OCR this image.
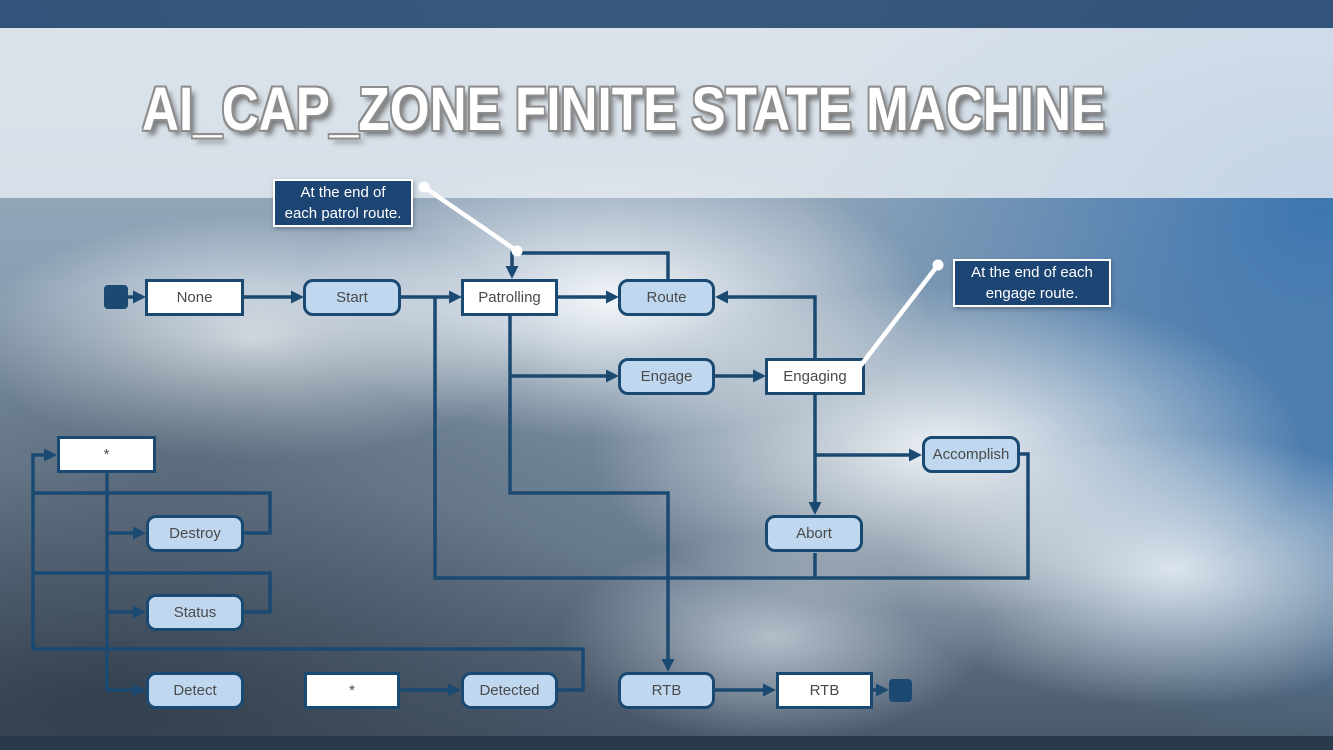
AI_CAP_ZONE FINITE STATE MACHINE
None	Start	Patrolling	Route
Engage	Engaging
Accomplish
Abort
*
Destroy
Status
Detect	*	Detected	RTB	RTB
At the end of each patrol route.
At the end of each engage route.
